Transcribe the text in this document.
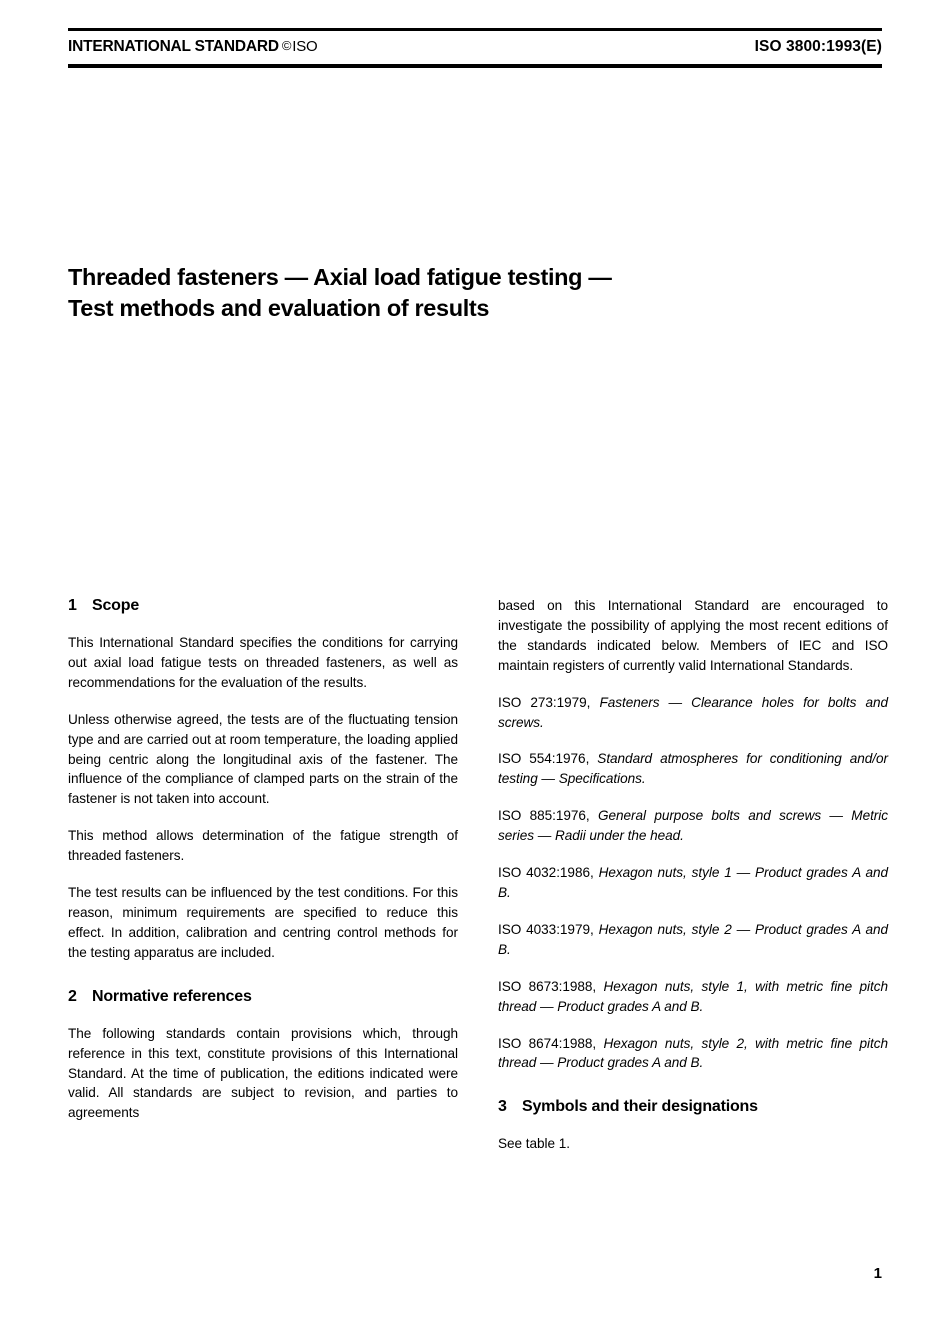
INTERNATIONAL STANDARD ©ISO	ISO 3800:1993(E)
Threaded fasteners — Axial load fatigue testing —
Test methods and evaluation of results
1 Scope

This International Standard specifies the conditions for carrying out axial load fatigue tests on threaded fasteners, as well as recommendations for the evaluation of the results.

Unless otherwise agreed, the tests are of the fluctuating tension type and are carried out at room temperature, the loading applied being centric along the longitudinal axis of the fastener. The influence of the compliance of clamped parts on the strain of the fastener is not taken into account.

This method allows determination of the fatigue strength of threaded fasteners.

The test results can be influenced by the test conditions. For this reason, minimum requirements are specified to reduce this effect. In addition, calibration and centring control methods for the testing apparatus are included.

2 Normative references

The following standards contain provisions which, through reference in this text, constitute provisions of this International Standard. At the time of publication, the editions indicated were valid. All standards are subject to revision, and parties to agreements

based on this International Standard are encouraged to investigate the possibility of applying the most recent editions of the standards indicated below. Members of IEC and ISO maintain registers of currently valid International Standards.

ISO 273:1979, Fasteners — Clearance holes for bolts and screws.

ISO 554:1976, Standard atmospheres for conditioning and/or testing — Specifications.

ISO 885:1976, General purpose bolts and screws — Metric series — Radii under the head.

ISO 4032:1986, Hexagon nuts, style 1 — Product grades A and B.

ISO 4033:1979, Hexagon nuts, style 2 — Product grades A and B.

ISO 8673:1988, Hexagon nuts, style 1, with metric fine pitch thread — Product grades A and B.

ISO 8674:1988, Hexagon nuts, style 2, with metric fine pitch thread — Product grades A and B.

3 Symbols and their designations

See table 1.

1
